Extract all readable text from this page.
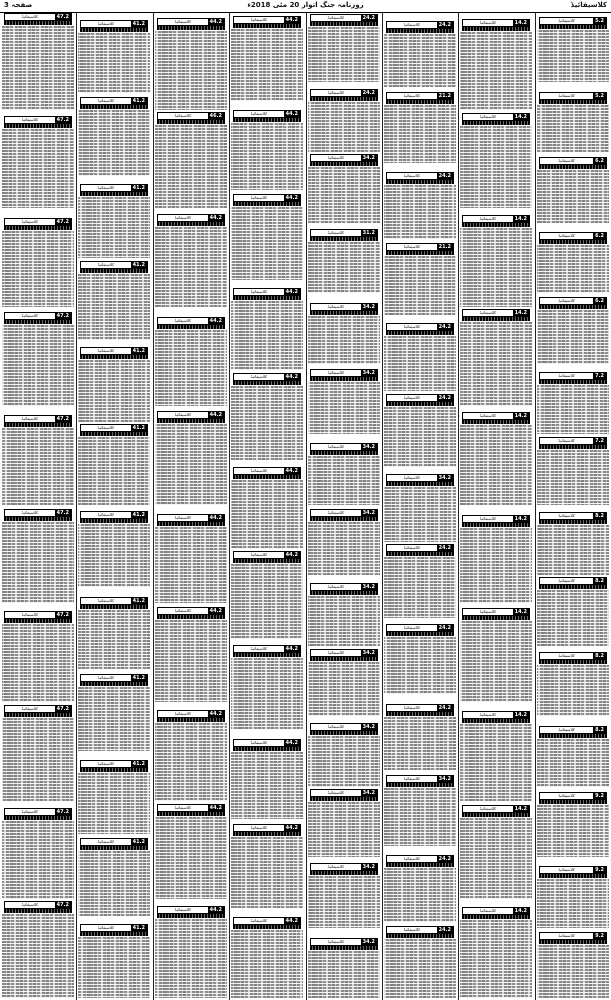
صفحہ 3	روزنامہ جنگ اتوار 20 مئی 2018ء	کلاسیفائیڈ
کلاسیفائیڈ	47.2
کلاسیفائیڈ	47.2
کلاسیفائیڈ	47.2
کلاسیفائیڈ	47.2
کلاسیفائیڈ	47.2
کلاسیفائیڈ	47.2
کلاسیفائیڈ	47.2
کلاسیفائیڈ	47.2
کلاسیفائیڈ	47.2
کلاسیفائیڈ	47.2
کلاسیفائیڈ	41.2
کلاسیفائیڈ	41.2
کلاسیفائیڈ	41.2
کلاسیفائیڈ	41.2
کلاسیفائیڈ	41.2
کلاسیفائیڈ	41.2
کلاسیفائیڈ	41.2
کلاسیفائیڈ	41.2
کلاسیفائیڈ	41.2
کلاسیفائیڈ	41.2
کلاسیفائیڈ	41.2
کلاسیفائیڈ	41.2
کلاسیفائیڈ	44.2
کلاسیفائیڈ	46.2
کلاسیفائیڈ	44.2
کلاسیفائیڈ	44.2
کلاسیفائیڈ	44.2
کلاسیفائیڈ	44.2
کلاسیفائیڈ	44.2
کلاسیفائیڈ	44.2
کلاسیفائیڈ	44.2
کلاسیفائیڈ	44.2
کلاسیفائیڈ	44.2
کلاسیفائیڈ	44.2
کلاسیفائیڈ	44.2
کلاسیفائیڈ	44.2
کلاسیفائیڈ	44.2
کلاسیفائیڈ	44.2
کلاسیفائیڈ	44.2
کلاسیفائیڈ	44.2
کلاسیفائیڈ	44.2
کلاسیفائیڈ	44.2
کلاسیفائیڈ	44.2
کلاسیفائیڈ	24.2
کلاسیفائیڈ	24.2
کلاسیفائیڈ	34.2
کلاسیفائیڈ	31.2
کلاسیفائیڈ	34.2
کلاسیفائیڈ	34.2
کلاسیفائیڈ	34.2
کلاسیفائیڈ	34.2
کلاسیفائیڈ	34.2
کلاسیفائیڈ	34.2
کلاسیفائیڈ	34.2
کلاسیفائیڈ	34.2
کلاسیفائیڈ	34.2
کلاسیفائیڈ	34.2
کلاسیفائیڈ	24.2
کلاسیفائیڈ	21.2
کلاسیفائیڈ	24.2
کلاسیفائیڈ	21.2
کلاسیفائیڈ	24.2
کلاسیفائیڈ	24.2
کلاسیفائیڈ	34.2
کلاسیفائیڈ	24.2
کلاسیفائیڈ	24.2
کلاسیفائیڈ	24.2
کلاسیفائیڈ	34.2
کلاسیفائیڈ	24.2
کلاسیفائیڈ	24.2
کلاسیفائیڈ	14.2
کلاسیفائیڈ	14.2
کلاسیفائیڈ	14.2
کلاسیفائیڈ	14.2
کلاسیفائیڈ	14.2
کلاسیفائیڈ	14.2
کلاسیفائیڈ	14.2
کلاسیفائیڈ	14.2
کلاسیفائیڈ	14.2
کلاسیفائیڈ	14.2
کلاسیفائیڈ	5.2
کلاسیفائیڈ	5.2
کلاسیفائیڈ	6.2
کلاسیفائیڈ	6.2
کلاسیفائیڈ	6.2
کلاسیفائیڈ	7.2
کلاسیفائیڈ	7.2
کلاسیفائیڈ	8.2
کلاسیفائیڈ	8.2
کلاسیفائیڈ	8.2
کلاسیفائیڈ	8.2
کلاسیفائیڈ	9.2
کلاسیفائیڈ	9.2
کلاسیفائیڈ	9.2
